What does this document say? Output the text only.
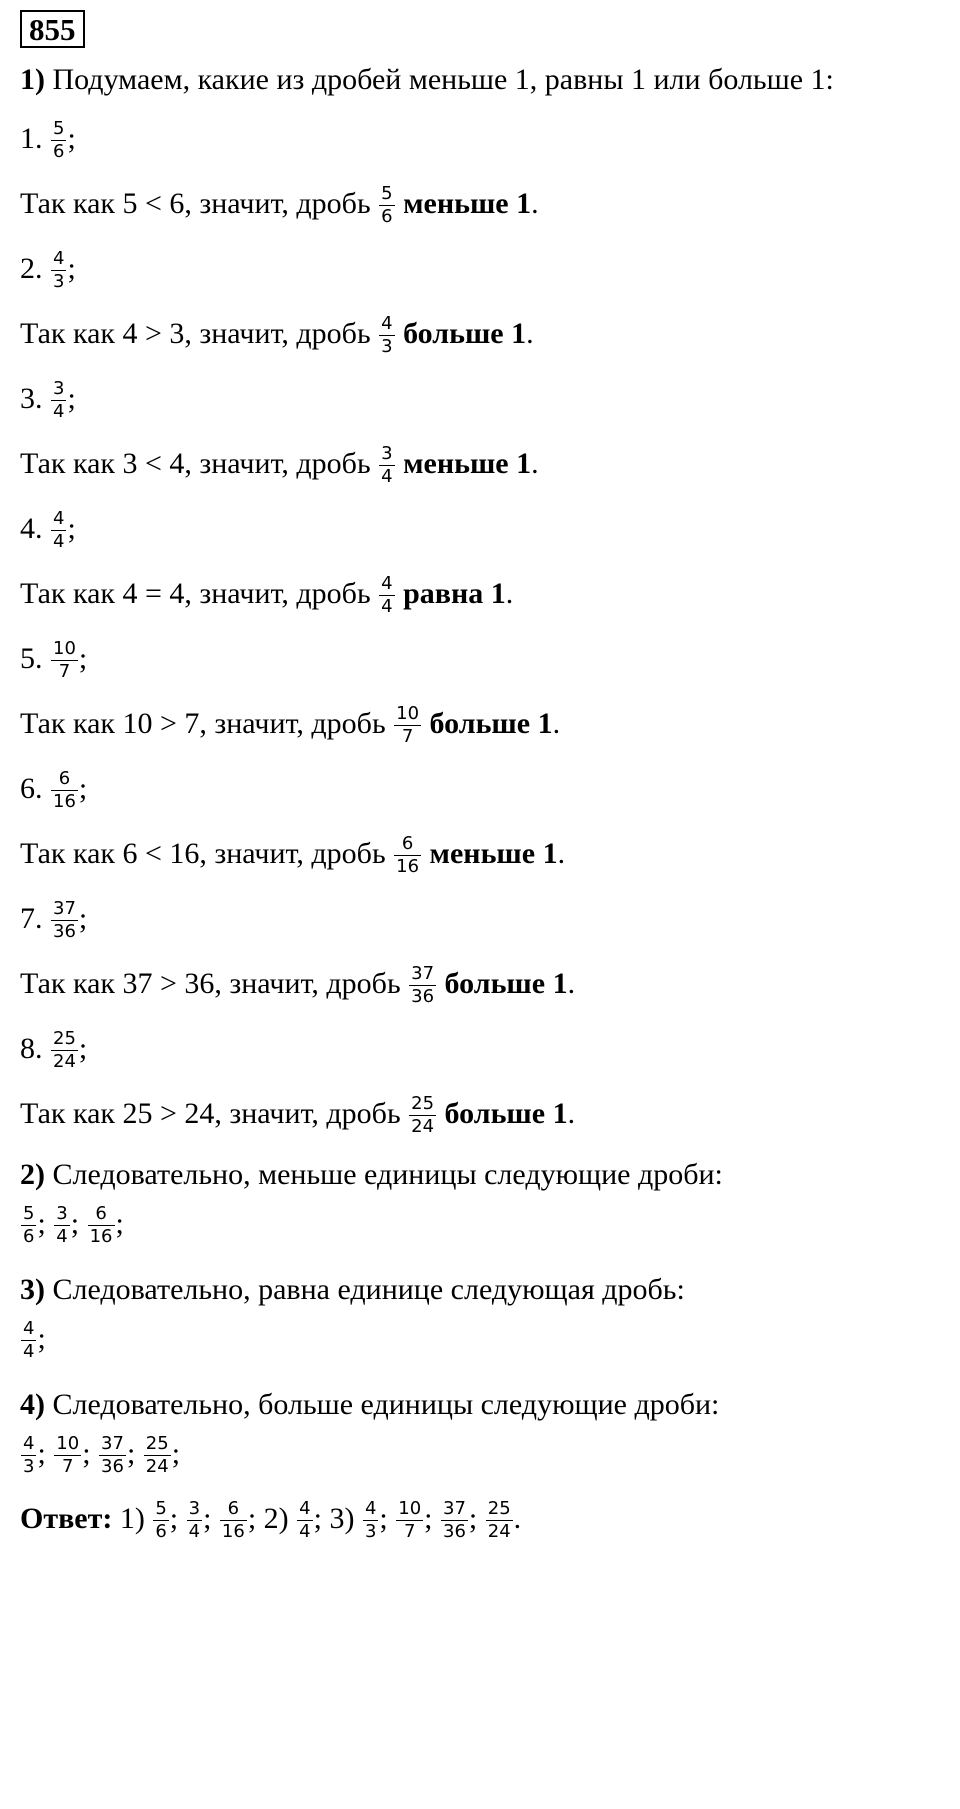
855
1) Подумаем, какие из дробей меньше 1, равны 1 или больше 1:
1. $\frac{5}{6}$ ;
Так как 5 < 6, значит, дробь $\frac{5}{6}$ меньше 1.
2. $\frac{4}{3}$ ;
Так как 4 > 3, значит, дробь $\frac{4}{3}$ больше 1.
3. $\frac{3}{4}$ ;
Так как 3 < 4, значит, дробь $\frac{3}{4}$ меньше 1.
4. $\frac{4}{4}$ ;
Так как 4 = 4, значит, дробь $\frac{4}{4}$ равна 1.
5. $\frac{10}{7}$ ;
Так как 10 > 7, значит, дробь $\frac{10}{7}$ больше 1.
6. $\frac{6}{16}$ ;
Так как 6 < 16, значит, дробь $\frac{6}{16}$ меньше 1.
7. $\frac{37}{36}$ ;
Так как 37 > 36, значит, дробь $\frac{37}{36}$ больше 1.
8. $\frac{25}{24}$ ;
Так как 25 > 24, значит, дробь $\frac{25}{24}$ больше 1.
2) Следовательно, меньше единицы следующие дроби:
$\frac{5}{6}$ ; $\frac{3}{4}$ ; $\frac{6}{16}$ ;
3) Следовательно, равна единице следующая дробь:
$\frac{4}{4}$ ;
4) Следовательно, больше единицы следующие дроби:
$\frac{4}{3}$ ; $\frac{10}{7}$ ; $\frac{37}{36}$ ; $\frac{25}{24}$ ;
Ответ: $1) \frac{5}{6}$ ; $\frac{3}{4}$ ; $\frac{6}{16}$ ; $2) \frac{4}{4}$ ; $3) \frac{4}{3}$ ; $\frac{10}{7}$ ; $\frac{37}{36}$ ; $\frac{25}{24}$ .
